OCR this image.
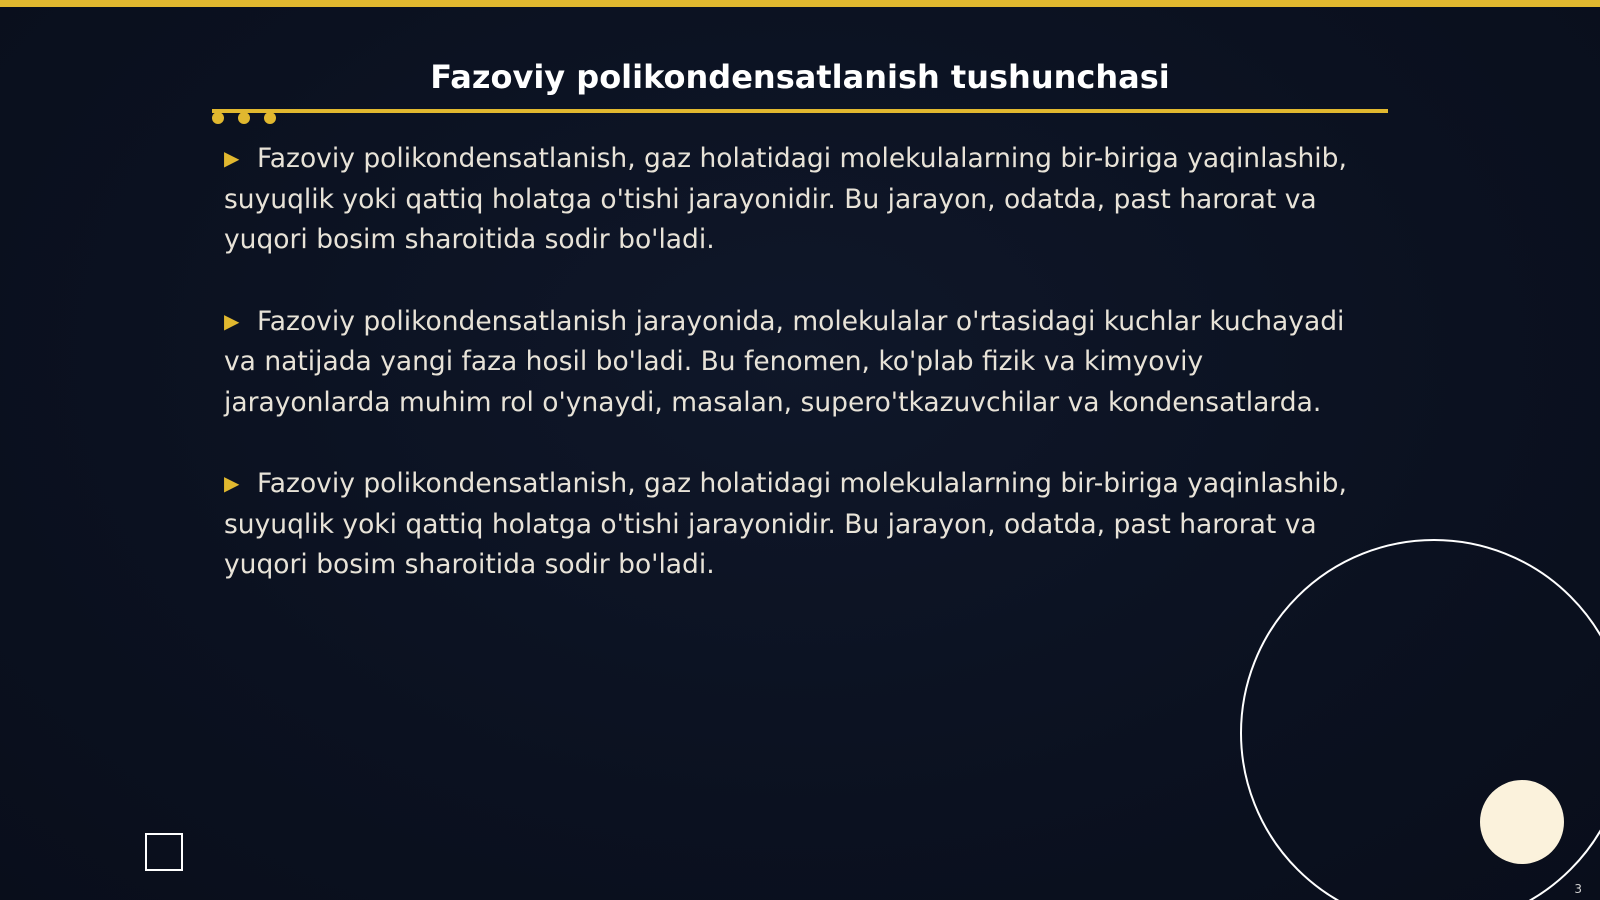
Fazoviy polikondensatlanish tushunchasi

▶ Fazoviy polikondensatlanish, gaz holatidagi molekulalarning bir-biriga yaqinlashib, suyuqlik yoki qattiq holatga o'tishi jarayonidir. Bu jarayon, odatda, past harorat va yuqori bosim sharoitida sodir bo'ladi.

▶ Fazoviy polikondensatlanish jarayonida, molekulalar o'rtasidagi kuchlar kuchayadi va natijada yangi faza hosil bo'ladi. Bu fenomen, ko'plab fizik va kimyoviy jarayonlarda muhim rol o'ynaydi, masalan, supero'tkazuvchilar va kondensatlarda.

▶ Fazoviy polikondensatlanish, gaz holatidagi molekulalarning bir-biriga yaqinlashib, suyuqlik yoki qattiq holatga o'tishi jarayonidir. Bu jarayon, odatda, past harorat va yuqori bosim sharoitida sodir bo'ladi.

3
